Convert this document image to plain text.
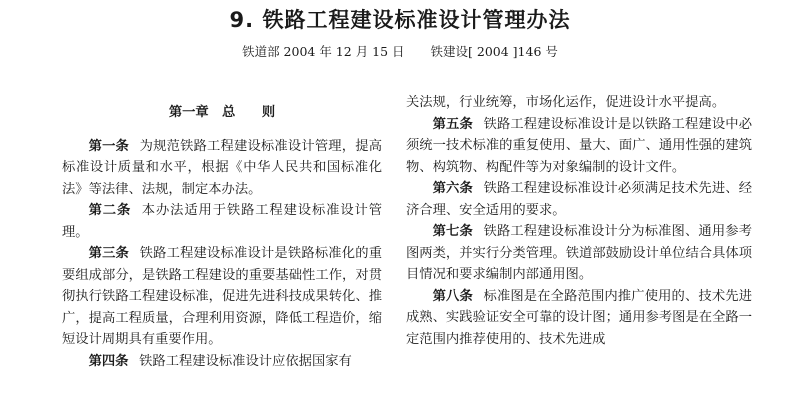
9. 铁路工程建设标准设计管理办法
铁道部 2004 年 12 月 15 日 铁建设[ 2004 ]146 号
第一章　总　　则

第一条 为规范铁路工程建设标准设计管理，提高标准设计质量和水平，根据《中华人民共和国标准化法》等法律、法规，制定本办法。

第二条 本办法适用于铁路工程建设标准设计管理。

第三条 铁路工程建设标准设计是铁路标准化的重要组成部分，是铁路工程建设的重要基础性工作，对贯彻执行铁路工程建设标准，促进先进科技成果转化、推广，提高工程质量，合理利用资源，降低工程造价，缩短设计周期具有重要作用。

第四条 铁路工程建设标准设计应依据国家有

关法规，行业统筹，市场化运作，促进设计水平提高。

第五条 铁路工程建设标准设计是以铁路工程建设中必须统一技术标准的重复使用、量大、面广、通用性强的建筑物、构筑物、构配件等为对象编制的设计文件。

第六条 铁路工程建设标准设计必须满足技术先进、经济合理、安全适用的要求。

第七条 铁路工程建设标准设计分为标准图、通用参考图两类，并实行分类管理。铁道部鼓励设计单位结合具体项目情况和要求编制内部通用图。

第八条 标准图是在全路范围内推广使用的、技术先进成熟、实践验证安全可靠的设计图；通用参考图是在全路一定范围内推荐使用的、技术先进成
